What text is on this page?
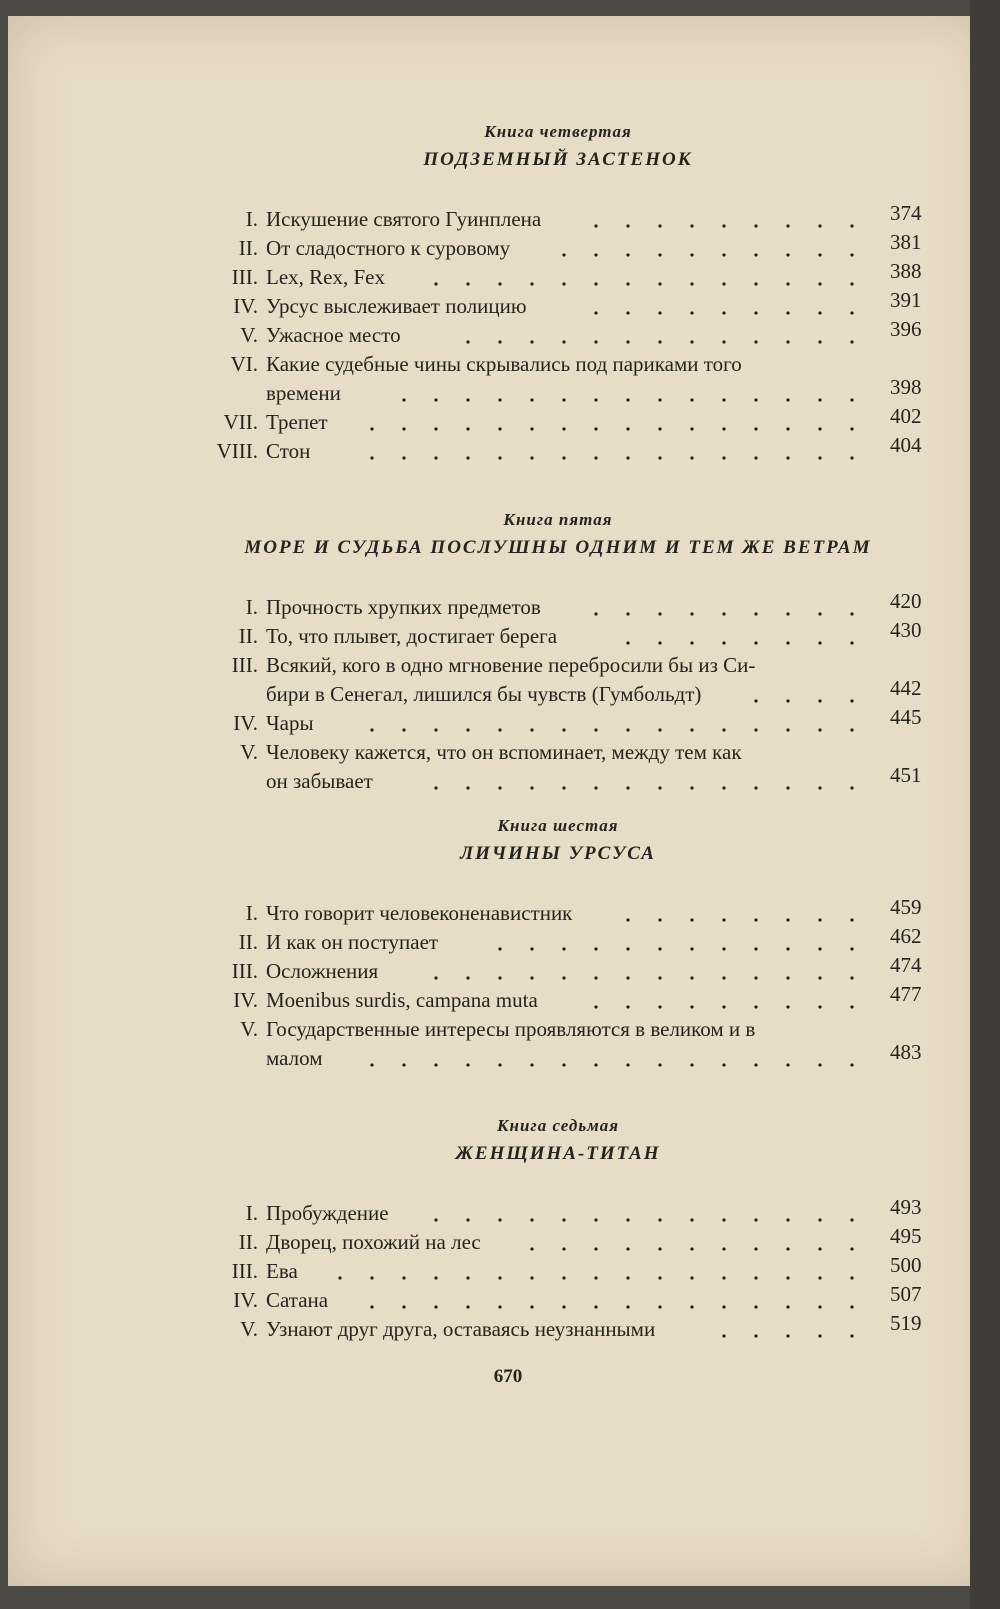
Книга четвертая
ПОДЗЕМНЫЙ ЗАСТЕНОК
I. Искушение святого Гуинплена	374
II. От сладостного к суровому	381
III. Lex, Rex, Fex	388
IV. Урсус выслеживает полицию	391
V. Ужасное место	396
VI. Какие судебные чины скрывались под париками того
времени	398
VII. Трепет	402
VIII. Стон	404
Книга пятая
МОРЕ И СУДЬБА ПОСЛУШНЫ ОДНИМ И ТЕМ ЖЕ ВЕТРАМ
I. Прочность хрупких предметов	420
II. То, что плывет, достигает берега	430
III. Всякий, кого в одно мгновение перебросили бы из Си-
бири в Сенегал, лишился бы чувств (Гумбольдт)	442
IV. Чары	445
V. Человеку кажется, что он вспоминает, между тем как
он забывает	451
Книга шестая
ЛИЧИНЫ УРСУСА
I. Что говорит человеконенавистник	459
II. И как он поступает	462
III. Осложнения	474
IV. Moenibus surdis, campana muta	477
V. Государственные интересы проявляются в великом и в
малом	483
Книга седьмая
ЖЕНЩИНА-ТИТАН
I. Пробуждение	493
II. Дворец, похожий на лес	495
III. Ева	500
IV. Сатана	507
V. Узнают друг друга, оставаясь неузнанными	519
670
